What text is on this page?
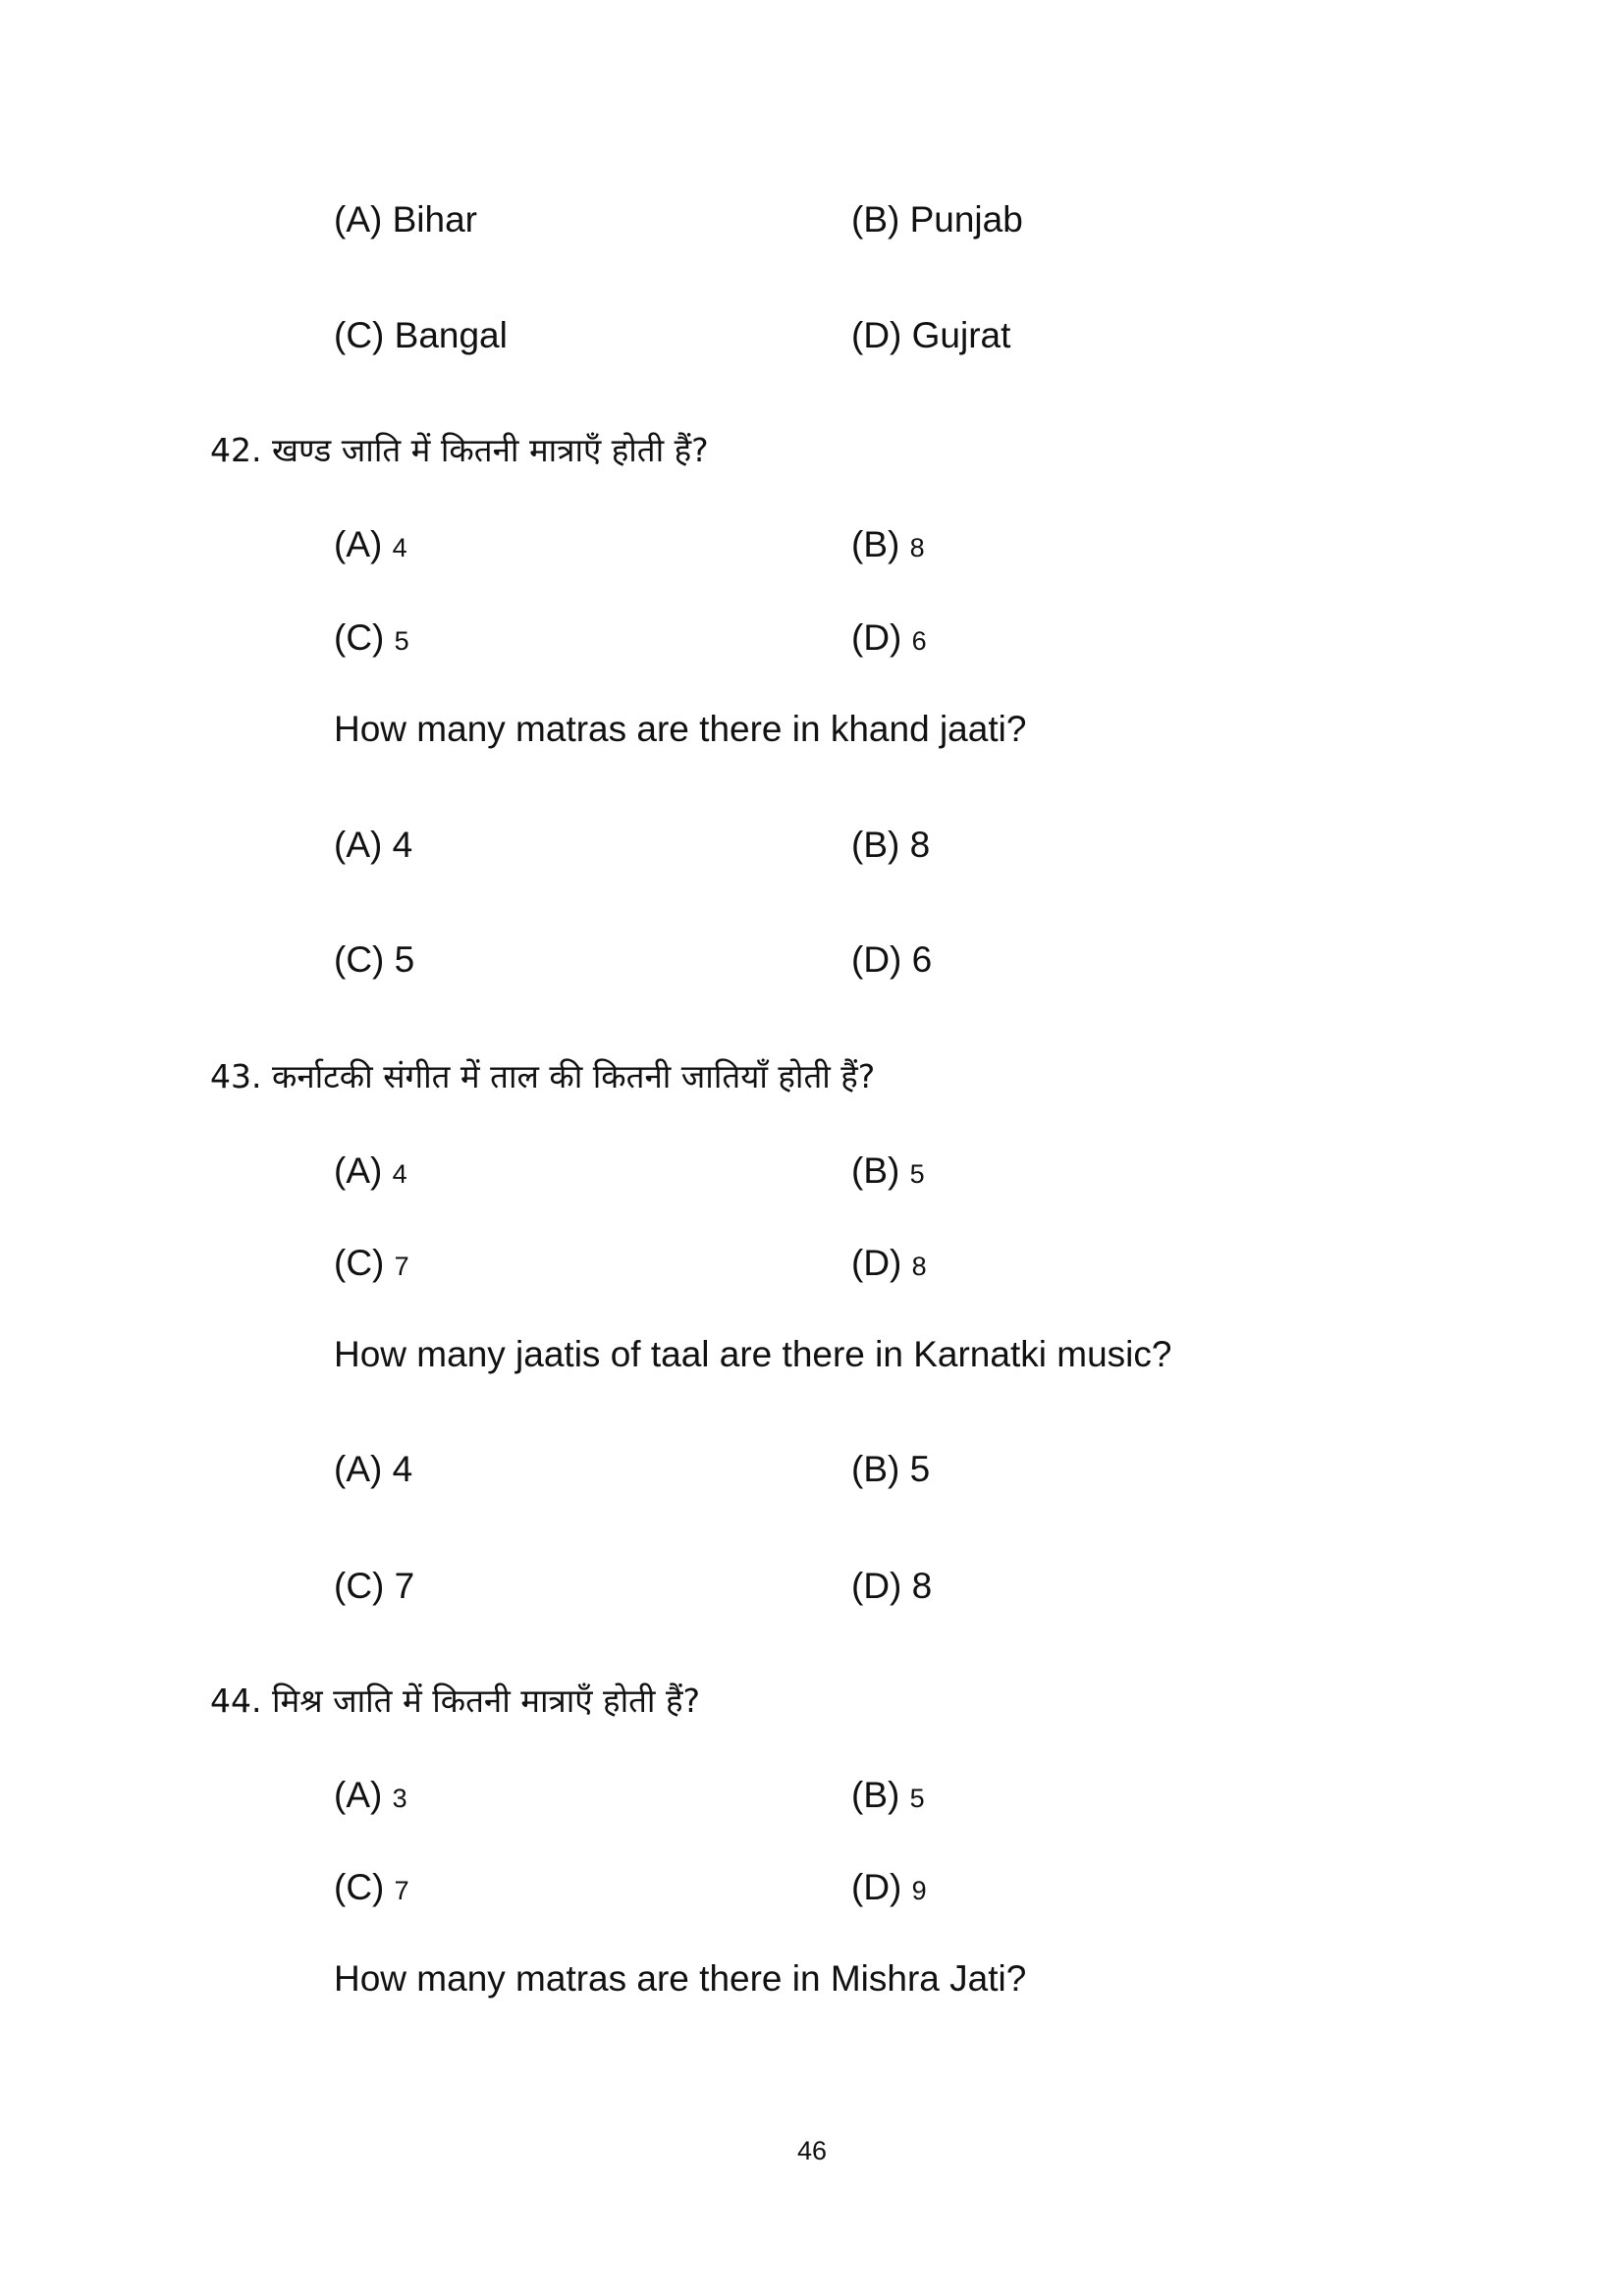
(A) Bihar	(B) Punjab
(C) Bangal	(D) Gujrat
42. खण्ड जाति में कितनी मात्राएँ होती हैं?
(A) 4	(B) 8
(C) 5	(D) 6
How many matras are there in khand jaati?
(A) 4	(B) 8
(C) 5	(D) 6
43. कर्नाटकी संगीत में ताल की कितनी जातियाँ होती हैं?
(A) 4	(B) 5
(C) 7	(D) 8
How many jaatis of taal are there in Karnatki music?
(A) 4	(B) 5
(C) 7	(D) 8
44. मिश्र जाति में कितनी मात्राएँ होती हैं?
(A) 3	(B) 5
(C) 7	(D) 9
How many matras are there in Mishra Jati?
46
